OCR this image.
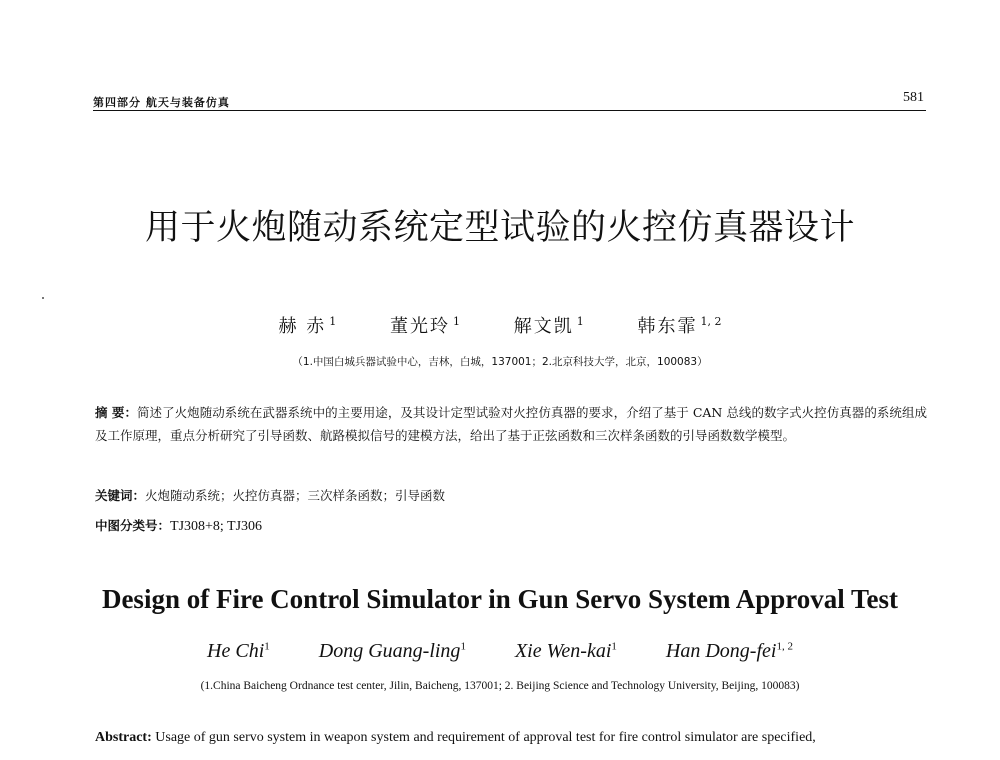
第四部分 航天与装备仿真	581
用于火炮随动系统定型试验的火控仿真器设计
赫 赤 $^1$	董光玲 $^1$	解文凯 $^1$	韩东霏 $^{1, 2}$
（1.中国白城兵器试验中心，吉林，白城，137001；2.北京科技大学，北京，100083）
摘 要：简述了火炮随动系统在武器系统中的主要用途，及其设计定型试验对火控仿真器的要求，介绍了基于 CAN 总线的数字式火控仿真器的系统组成及工作原理，重点分析研究了引导函数、航路模拟信号的建模方法，给出了基于正弦函数和三次样条函数的引导函数数学模型。
关键词：火炮随动系统；火控仿真器；三次样条函数；引导函数
中图分类号：TJ308+8; TJ306
Design of Fire Control Simulator in Gun Servo System Approval Test
He Chi$^1$ Dong Guang-ling$^1$ Xie Wen-kai$^1$ Han Dong-fei$^{1, 2}$
(1.China Baicheng Ordnance test center, Jilin, Baicheng, 137001; 2. Beijing Science and Technology University, Beijing, 100083)
Abstract: Usage of gun servo system in weapon system and requirement of approval test for fire control simulator are specified,
